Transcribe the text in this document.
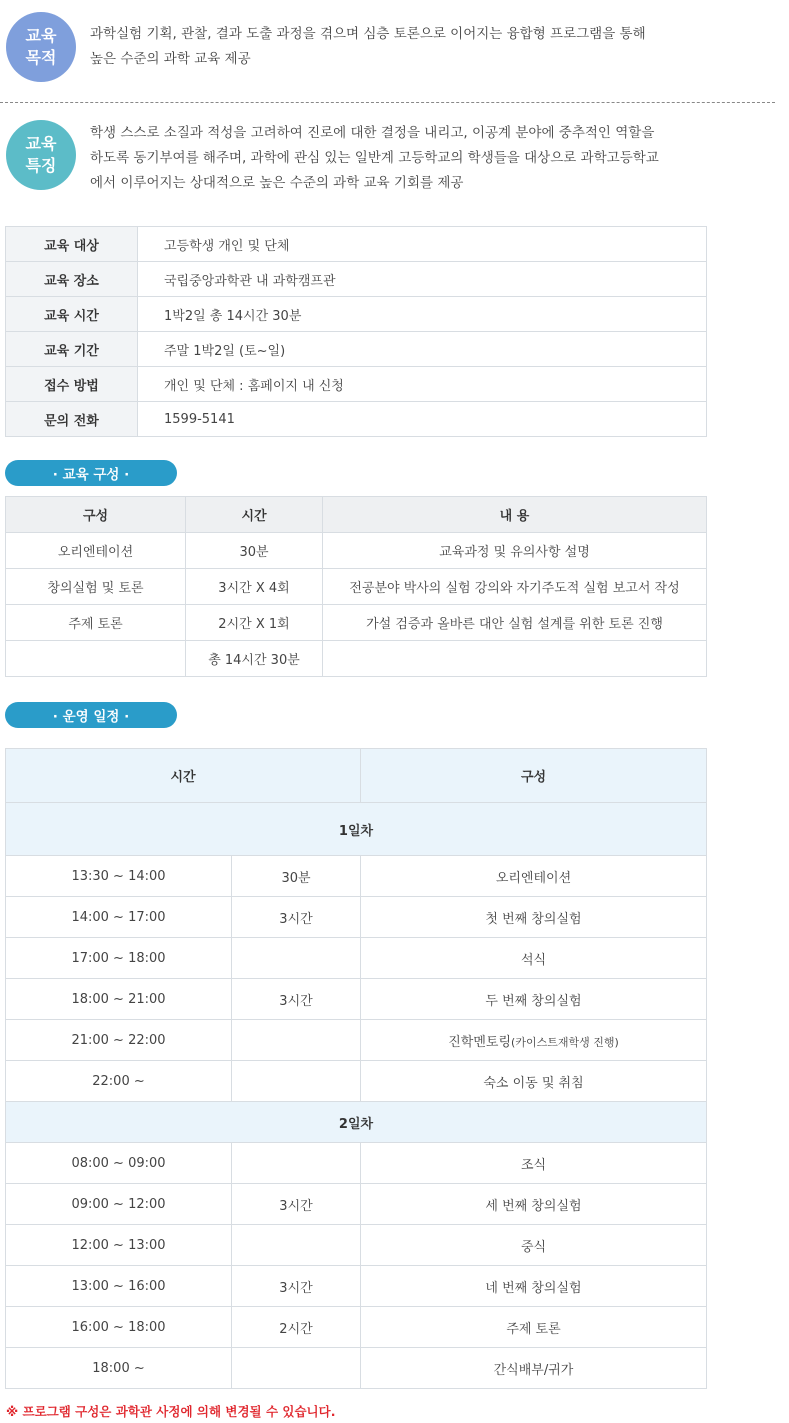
교육
목적
과학실험 기획, 관찰, 결과 도출 과정을 겪으며 심층 토론으로 이어지는 융합형 프로그램을 통해
높은 수준의 과학 교육 제공
교육
특징
학생 스스로 소질과 적성을 고려하여 진로에 대한 결정을 내리고, 이공계 분야에 중추적인 역할을
하도록 동기부여를 해주며, 과학에 관심 있는 일반계 고등학교의 학생들을 대상으로 과학고등학교
에서 이루어지는 상대적으로 높은 수준의 과학 교육 기회를 제공
교육 대상	고등학생 개인 및 단체
교육 장소	국립중앙과학관 내 과학캠프관
교육 시간	1박2일 총 14시간 30분
교육 기간	주말 1박2일 (토~일)
접수 방법	개인 및 단체 : 홈페이지 내 신청
문의 전화	1599-5141
· 교육 구성 ·
구성	시간	내 용
오리엔테이션	30분	교육과정 및 유의사항 설명
창의실험 및 토론	3시간 X 4회	전공분야 박사의 실험 강의와 자기주도적 실험 보고서 작성
주제 토론	2시간 X 1회	가설 검증과 올바른 대안 실험 설계를 위한 토론 진행
	총 14시간 30분	
· 운영 일정 ·
시간		구성
1일차		
13:30 ~ 14:00	30분	오리엔테이션
14:00 ~ 17:00	3시간	첫 번째 창의실험
17:00 ~ 18:00		석식
18:00 ~ 21:00	3시간	두 번째 창의실험
21:00 ~ 22:00		진학멘토링(카이스트재학생 진행)
22:00 ~		숙소 이동 및 취침
2일차		
08:00 ~ 09:00		조식
09:00 ~ 12:00	3시간	세 번째 창의실험
12:00 ~ 13:00		중식
13:00 ~ 16:00	3시간	네 번째 창의실험
16:00 ~ 18:00	2시간	주제 토론
18:00 ~		간식배부/귀가
※ 프로그램 구성은 과학관 사정에 의해 변경될 수 있습니다.
